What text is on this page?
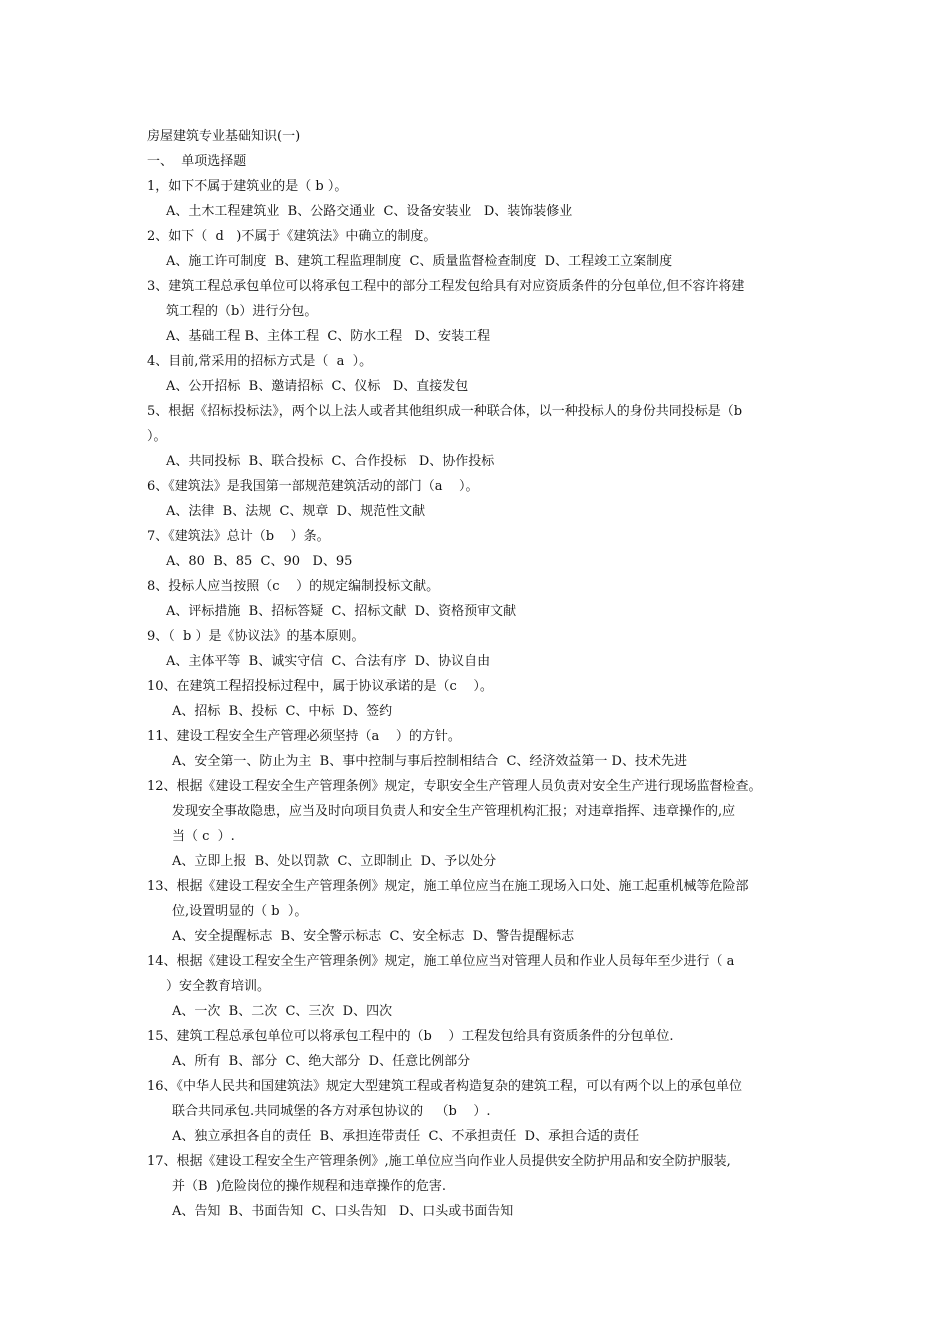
房屋建筑专业基础知识(一)
一、  单项选择题
1，如下不属于建筑业的是（ b ）。
A、土木工程建筑业  B、公路交通业  C、设备安装业   D、装饰装修业
2、如下（  d   )不属于《建筑法》中确立的制度。
A、施工许可制度  B、建筑工程监理制度  C、质量监督检查制度  D、工程竣工立案制度
3、建筑工程总承包单位可以将承包工程中的部分工程发包给具有对应资质条件的分包单位,但不容许将建
筑工程的（b）进行分包。
A、基础工程 B、主体工程  C、防水工程   D、安装工程
4、目前,常采用的招标方式是（  a  ）。
A、公开招标  B、邀请招标  C、仪标   D、直接发包
5、根据《招标投标法》，两个以上法人或者其他组织成一种联合体，以一种投标人的身份共同投标是（b
）。
A、共同投标  B、联合投标  C、合作投标   D、协作投标
6、《建筑法》是我国第一部规范建筑活动的部门（a    ）。
A、法律  B、法规  C、规章  D、规范性文献
7、《建筑法》总计（b    ）条。
A、80  B、85  C、90   D、95
8、投标人应当按照（c    ）的规定编制投标文献。
A、评标措施  B、招标答疑  C、招标文献  D、资格预审文献
9、（  b ）是《协议法》的基本原则。
A、主体平等  B、诚实守信  C、合法有序  D、协议自由
10、在建筑工程招投标过程中，属于协议承诺的是（c    ）。
A、招标  B、投标  C、中标  D、签约
11、建设工程安全生产管理必须坚持（a    ）的方针。
A、安全第一、防止为主  B、事中控制与事后控制相结合  C、经济效益第一 D、技术先进
12、根据《建设工程安全生产管理条例》规定，专职安全生产管理人员负责对安全生产进行现场监督检查。
发现安全事故隐患，应当及时向项目负责人和安全生产管理机构汇报；对违章指挥、违章操作的,应
当（ c  ）.
A、立即上报  B、处以罚款  C、立即制止  D、予以处分
13、根据《建设工程安全生产管理条例》规定，施工单位应当在施工现场入口处、施工起重机械等危险部
位,设置明显的（ b  ）。
A、安全提醒标志  B、安全警示标志  C、安全标志  D、警告提醒标志
14、根据《建设工程安全生产管理条例》规定，施工单位应当对管理人员和作业人员每年至少进行（ a
）安全教育培训。
A、一次  B、二次  C、三次  D、四次
15、建筑工程总承包单位可以将承包工程中的（b    ）工程发包给具有资质条件的分包单位.
A、所有  B、部分  C、绝大部分  D、任意比例部分
16、《中华人民共和国建筑法》规定大型建筑工程或者构造复杂的建筑工程，可以有两个以上的承包单位
联合共同承包.共同城堡的各方对承包协议的   （b    ）.
A、独立承担各自的责任  B、承担连带责任  C、不承担责任  D、承担合适的责任
17、根据《建设工程安全生产管理条例》,施工单位应当向作业人员提供安全防护用品和安全防护服装,
并（B  )危险岗位的操作规程和违章操作的危害.
A、告知  B、书面告知  C、口头告知   D、口头或书面告知
